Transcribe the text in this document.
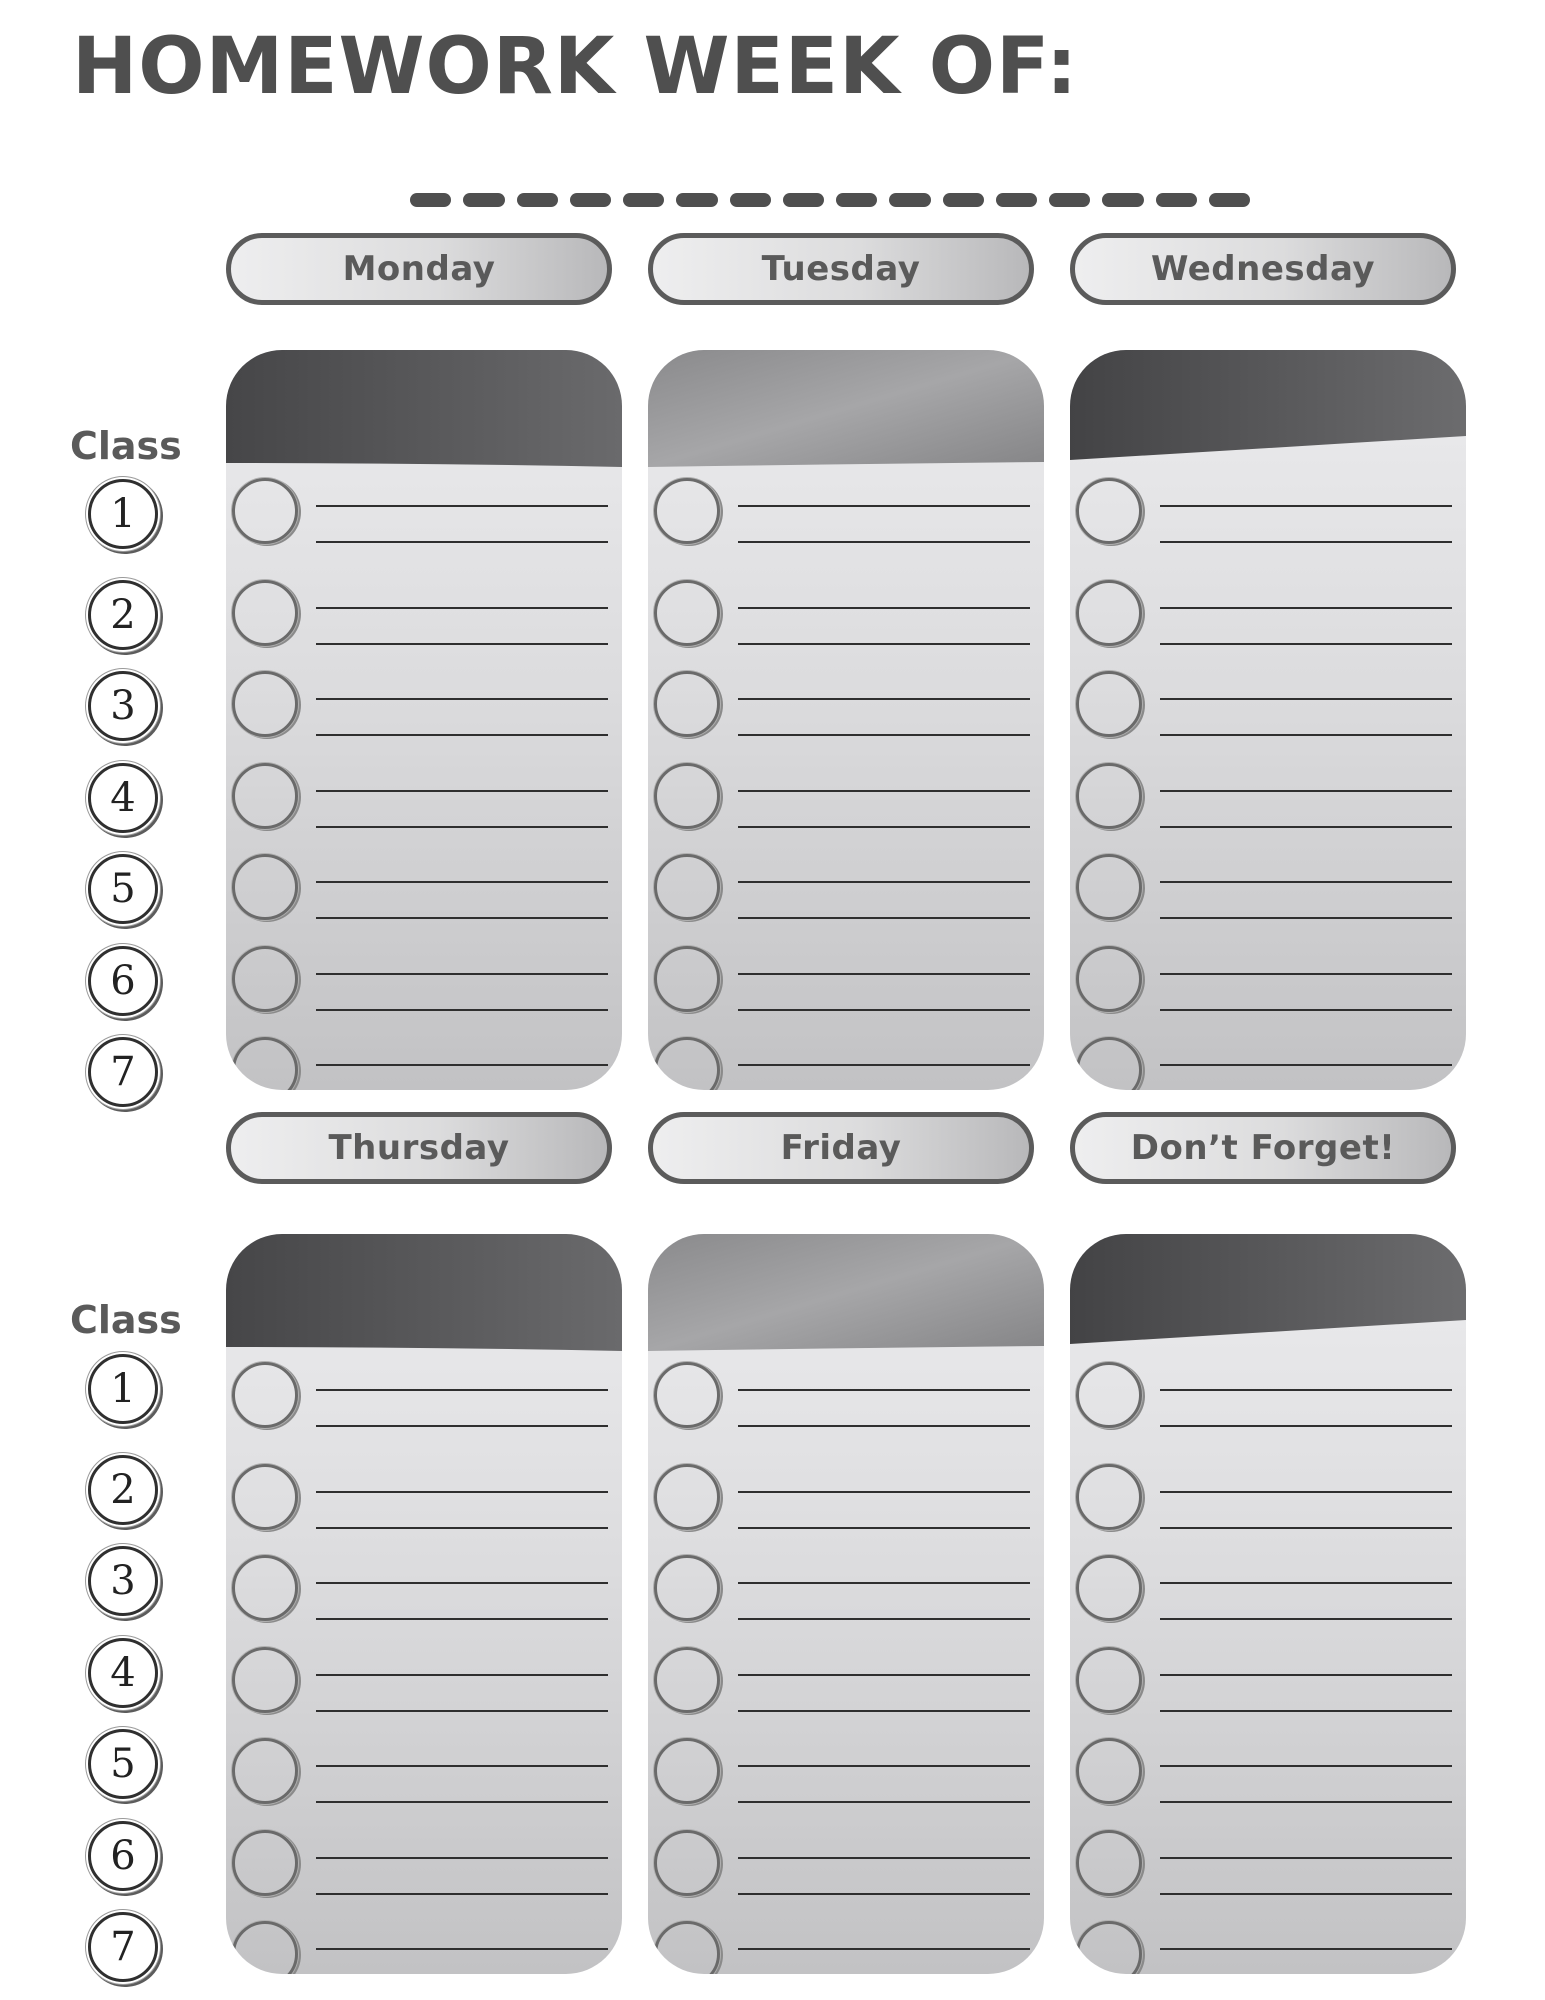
HOMEWORK WEEK OF:
Monday	Tuesday	Wednesday
Thursday	Friday	Don’t Forget!
Class
Class
1
2
3
4
5
6
7
1
2
3
4
5
6
7
